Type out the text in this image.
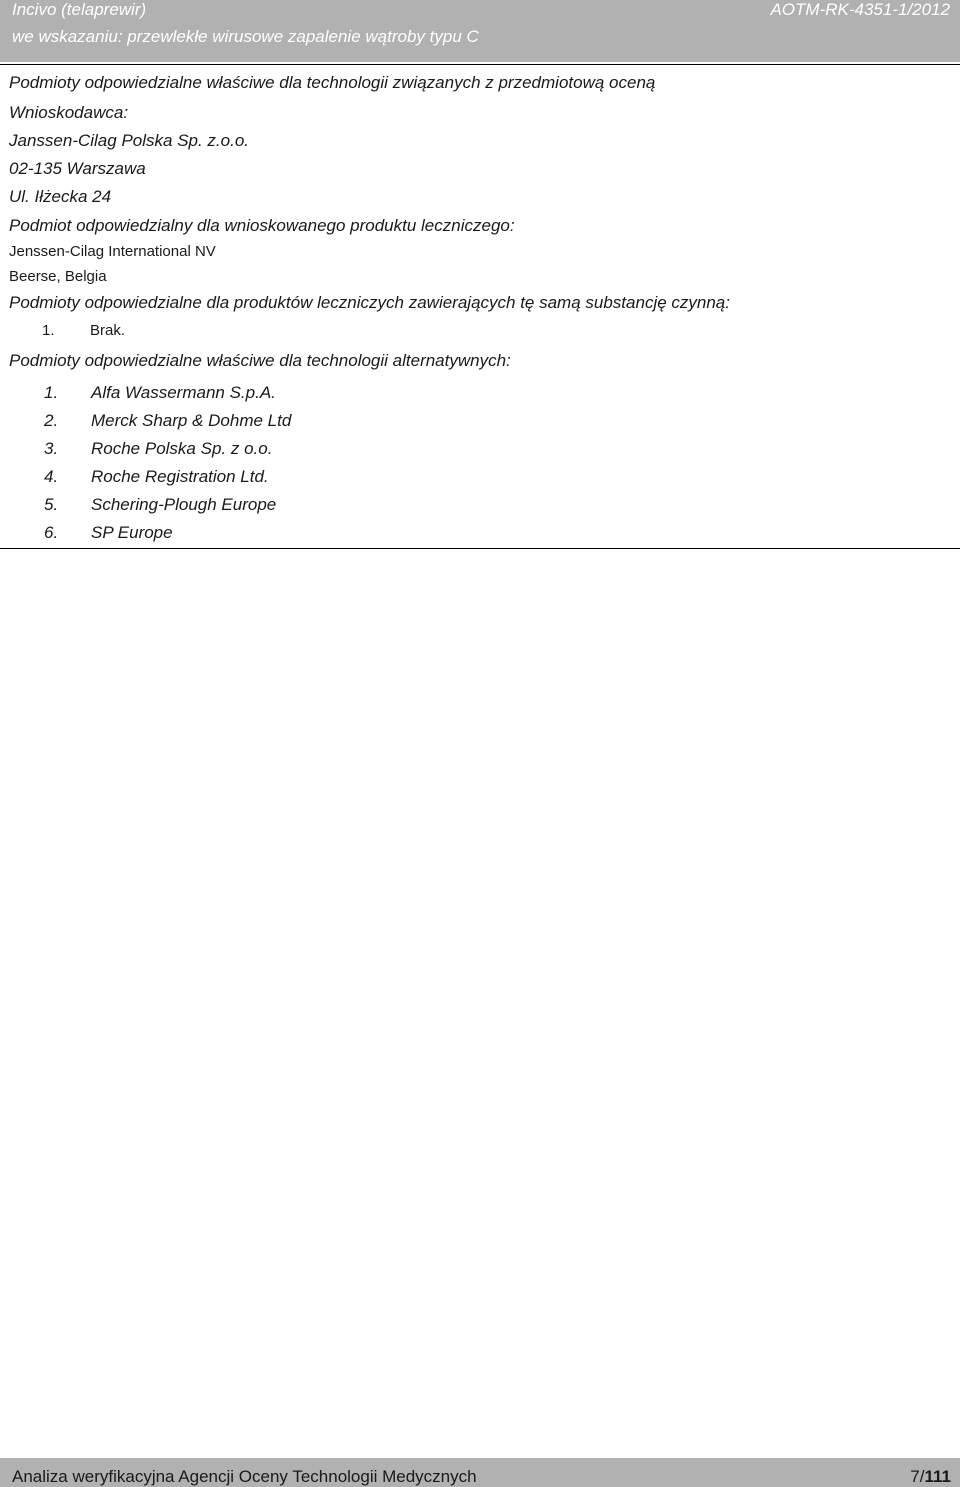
Incivo (telaprewir)
we wskazaniu: przewlekłe wirusowe zapalenie wątroby typu C
AOTM-RK-4351-1/2012
Podmioty odpowiedzialne właściwe dla technologii związanych z przedmiotową oceną
Wnioskodawca:
Janssen-Cilag Polska Sp. z.o.o.
02-135 Warszawa
Ul. Iłżecka 24
Podmiot odpowiedzialny dla wnioskowanego produktu leczniczego:
Jenssen-Cilag International NV
Beerse, Belgia
Podmioty odpowiedzialne dla produktów leczniczych zawierających tę samą substancję czynną:
1. Brak.
Podmioty odpowiedzialne właściwe dla technologii alternatywnych:
1. Alfa Wassermann S.p.A.
2. Merck Sharp & Dohme Ltd
3. Roche Polska Sp. z o.o.
4. Roche Registration Ltd.
5. Schering-Plough Europe
6. SP Europe
Analiza weryfikacyjna Agencji Oceny Technologii Medycznych	7/111
